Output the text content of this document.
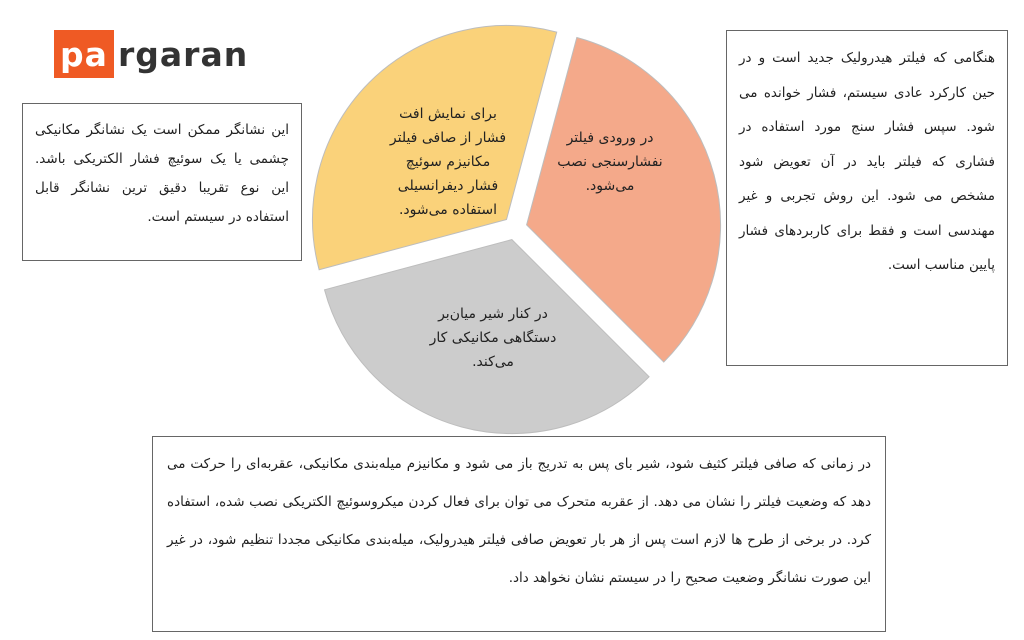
pa rgaran
این نشانگر ممکن است یک نشانگر مکانیکی چشمی یا یک سوئیچ فشار الکتریکی باشد. این نوع تقریبا دقیق ترین نشانگر قابل استفاده در سیستم است.
هنگامی که فیلتر هیدرولیک جدید است و در حین کارکرد عادی سیستم، فشار خوانده می شود. سپس فشار سنج مورد استفاده در فشاری که فیلتر باید در آن تعویض شود مشخص می شود. این روش تجربی و غیر مهندسی است و فقط برای کاربردهای فشار پایین مناسب است.
در زمانی که صافی فیلتر کثیف شود، شیر بای پس به تدریج باز می شود و مکانیزم میله‌بندی مکانیکی، عقربه‌ای را حرکت می دهد که وضعیت فیلتر را نشان می دهد. از عقربه متحرک می توان برای فعال کردن میکروسوئیچ الکتریکی نصب شده، استفاده کرد. در برخی از طرح ها لازم است پس از هر بار تعویض صافی فیلتر هیدرولیک، میله‌بندی مکانیکی مجددا تنظیم شود، در غیر این صورت نشانگر وضعیت صحیح را در سیستم نشان نخواهد داد.
در ورودی فیلتر نفشارسنجی نصب می‌شود.
در کنار شیر میان‌بر دستگاهی مکانیکی کار می‌کند.
برای نمایش افت فشار از صافی فیلتر مکانیزم سوئیچ فشار دیفرانسیلی استفاده می‌شود.
